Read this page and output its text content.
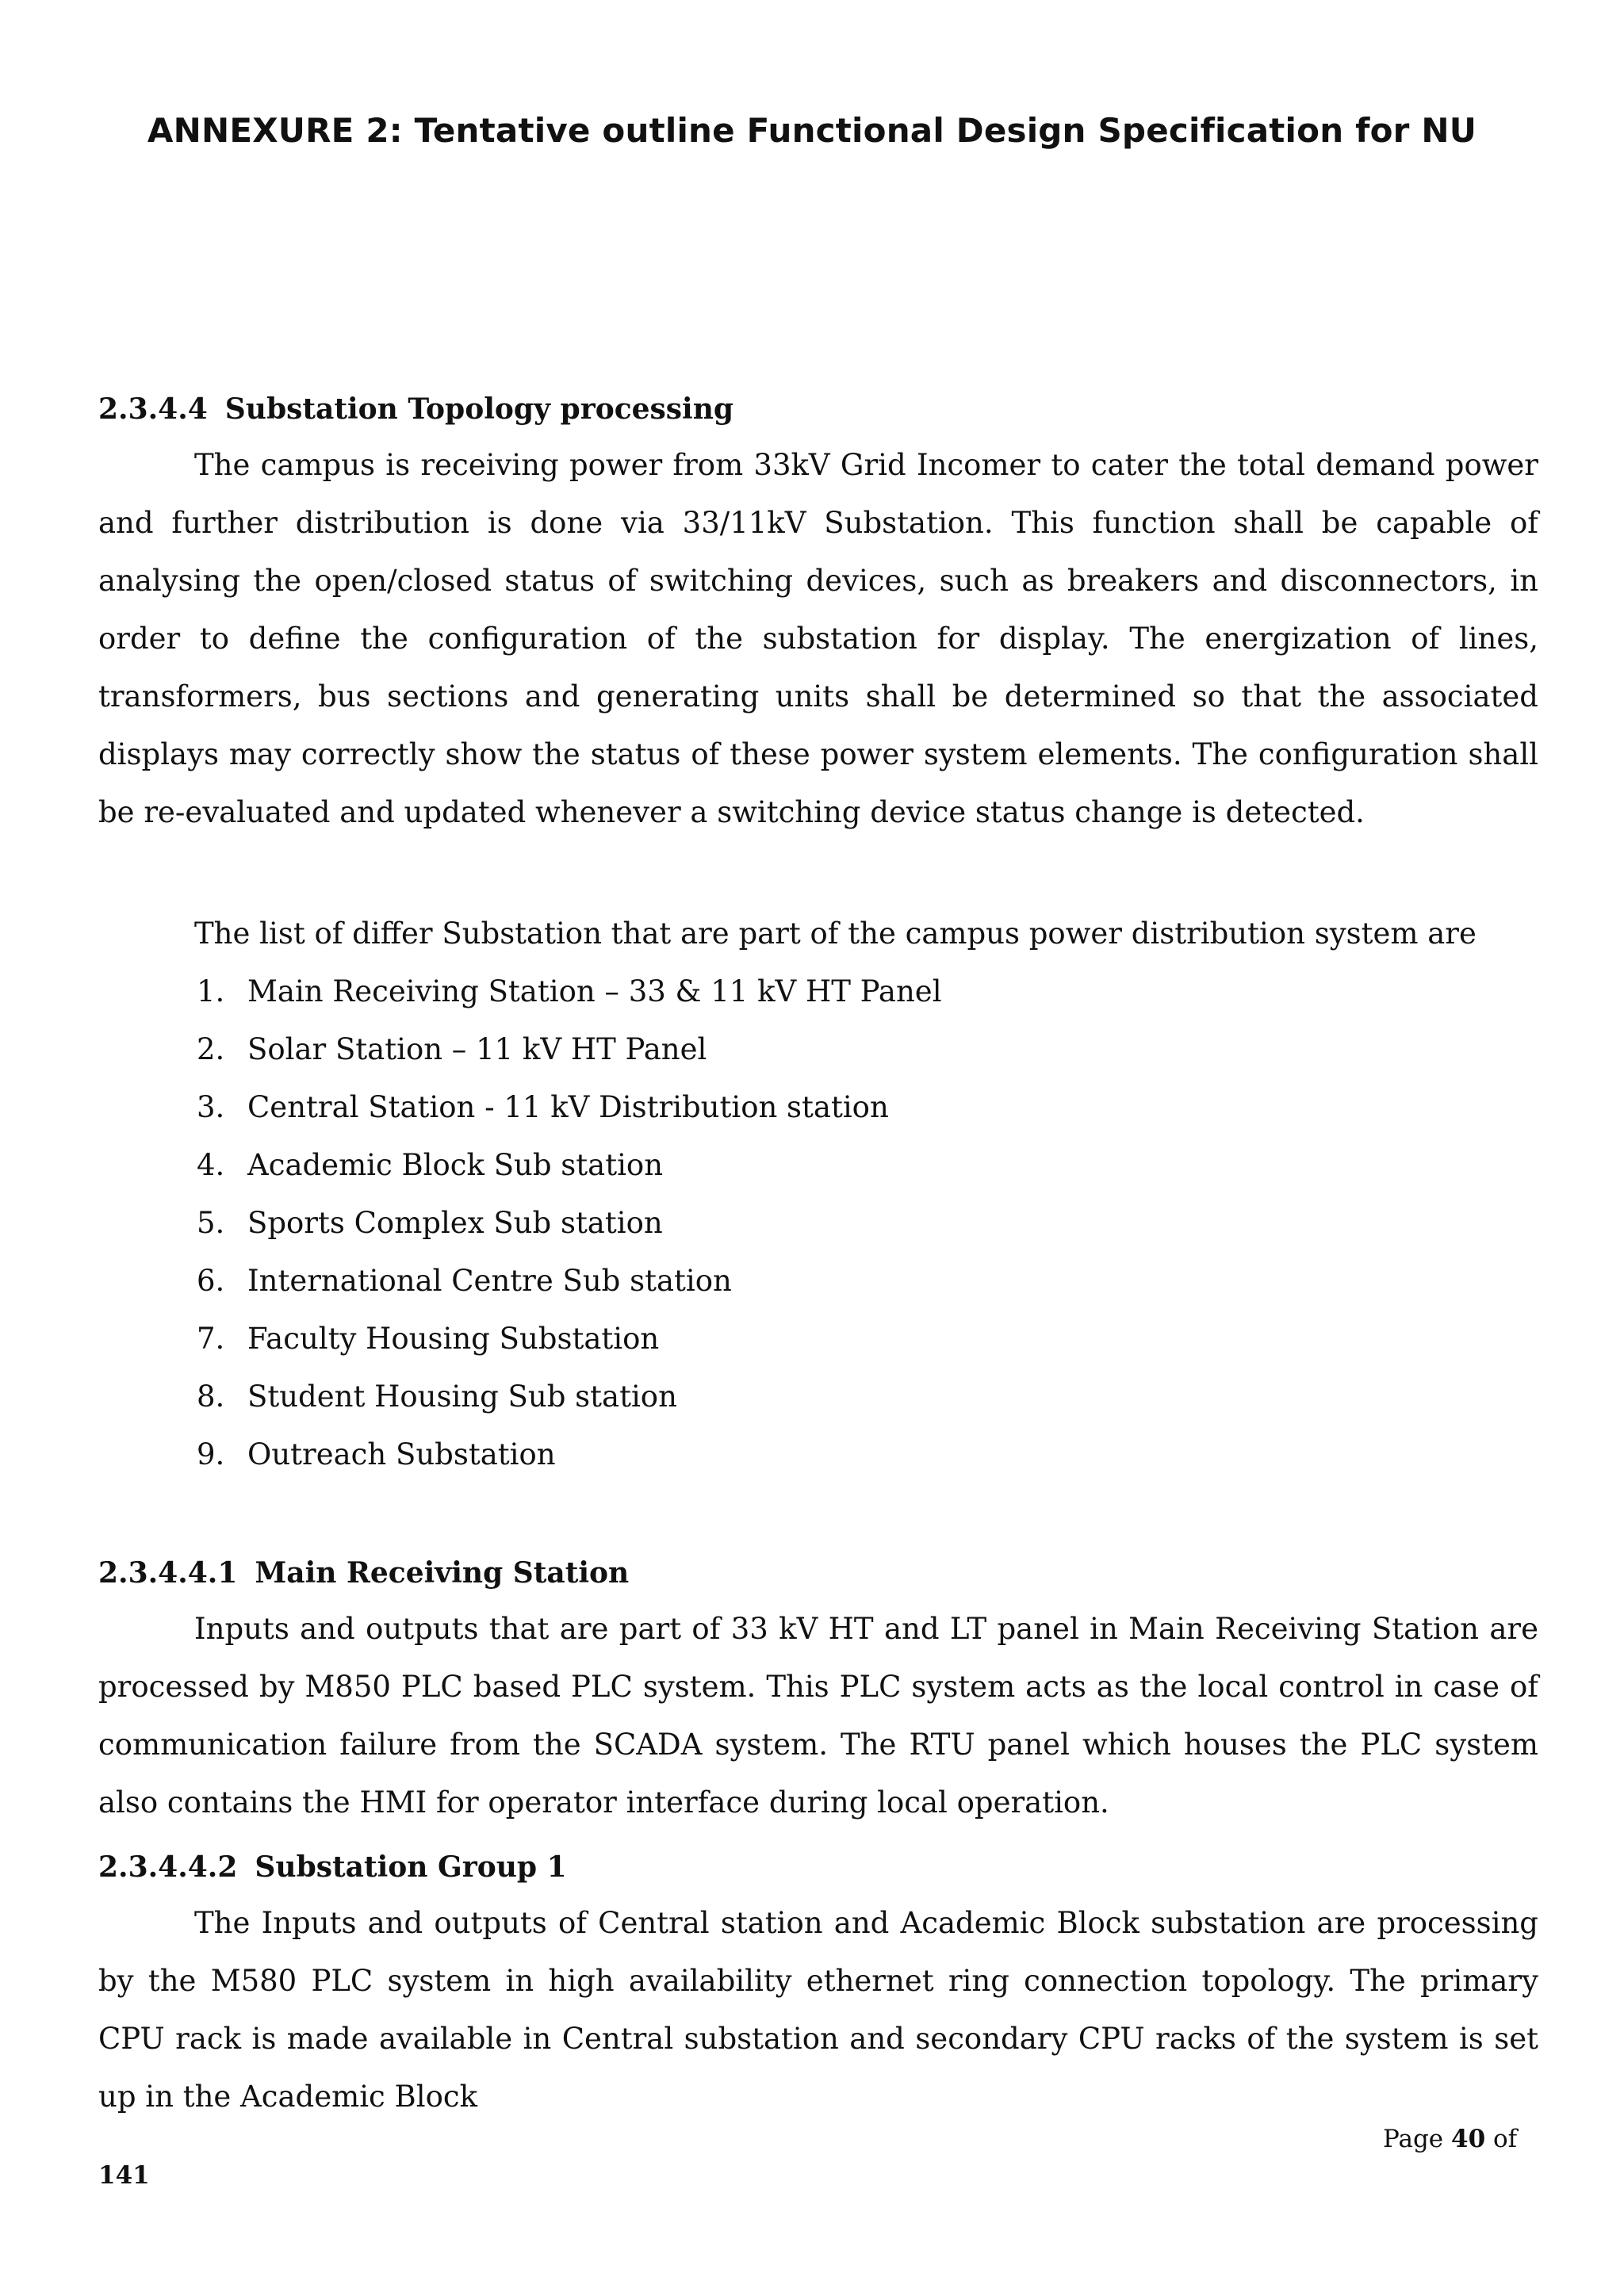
ANNEXURE 2: Tentative outline Functional Design Specification for NU
2.3.4.4 Substation Topology processing

The campus is receiving power from 33kV Grid Incomer to cater the total demand power and further distribution is done via 33/11kV Substation. This function shall be capable of analysing the open/closed status of switching devices, such as breakers and disconnectors, in order to define the configuration of the substation for display. The energization of lines, transformers, bus sections and generating units shall be determined so that the associated displays may correctly show the status of these power system elements. The configuration shall be re-evaluated and updated whenever a switching device status change is detected.

The list of differ Substation that are part of the campus power distribution system are

1. Main Receiving Station – 33 & 11 kV HT Panel
2. Solar Station – 11 kV HT Panel
3. Central Station - 11 kV Distribution station
4. Academic Block Sub station
5. Sports Complex Sub station
6. International Centre Sub station
7. Faculty Housing Substation
8. Student Housing Sub station
9. Outreach Substation
2.3.4.4.1 Main Receiving Station

Inputs and outputs that are part of 33 kV HT and LT panel in Main Receiving Station are processed by M850 PLC based PLC system. This PLC system acts as the local control in case of communication failure from the SCADA system. The RTU panel which houses the PLC system also contains the HMI for operator interface during local operation.

2.3.4.4.2 Substation Group 1

The Inputs and outputs of Central station and Academic Block substation are processing by the M580 PLC system in high availability ethernet ring connection topology. The primary CPU rack is made available in Central substation and secondary CPU racks of the system is set up in the Academic Block

Page 40 of
141
